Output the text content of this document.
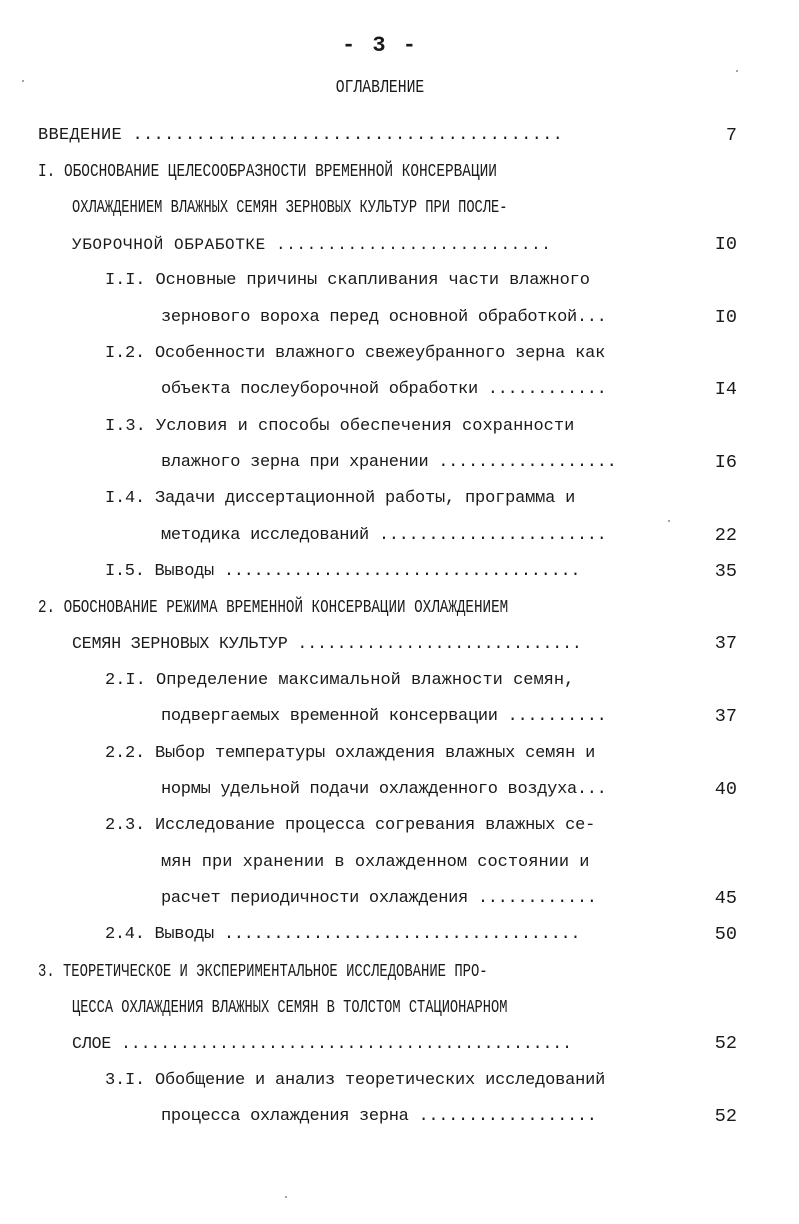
- 3 -
ОГЛАВЛЕНИЕ
ВВЕДЕНИЕ .........................................	7
I. ОБОСНОВАНИЕ ЦЕЛЕСООБРАЗНОСТИ ВРЕМЕННОЙ КОНСЕРВАЦИИ
ОХЛАЖДЕНИЕМ ВЛАЖНЫХ СЕМЯН ЗЕРНОВЫХ КУЛЬТУР ПРИ ПОСЛЕ-
УБОРОЧНОЙ ОБРАБОТКЕ ...........................	I0
I.I. Основные причины скапливания части влажного
зернового вороха перед основной обработкой...	I0
I.2. Особенности влажного свежеубранного зерна как
объекта послеуборочной обработки ............	I4
I.3. Условия и способы обеспечения сохранности
влажного зерна при хранении ..................	I6
I.4. Задачи диссертационной работы, программа и
методика исследований .......................	22
I.5. Выводы ....................................	35
2. ОБОСНОВАНИЕ РЕЖИМА ВРЕМЕННОЙ КОНСЕРВАЦИИ ОХЛАЖДЕНИЕМ
СЕМЯН ЗЕРНОВЫХ КУЛЬТУР .............................	37
2.I. Определение максимальной влажности семян,
подвергаемых временной консервации ..........	37
2.2. Выбор температуры охлаждения влажных семян и
нормы удельной подачи охлажденного воздуха...	40
2.3. Исследование процесса согревания влажных се-
мян при хранении в охлажденном состоянии и
расчет периодичности охлаждения ............	45
2.4. Выводы ....................................	50
3. ТЕОРЕТИЧЕСКОЕ И ЭКСПЕРИМЕНТАЛЬНОЕ ИССЛЕДОВАНИЕ ПРО-
ЦЕССА ОХЛАЖДЕНИЯ ВЛАЖНЫХ СЕМЯН В ТОЛСТОМ СТАЦИОНАРНОМ
СЛОЕ ..............................................	52
3.I. Обобщение и анализ теоретических исследований
процесса охлаждения зерна ..................	52
